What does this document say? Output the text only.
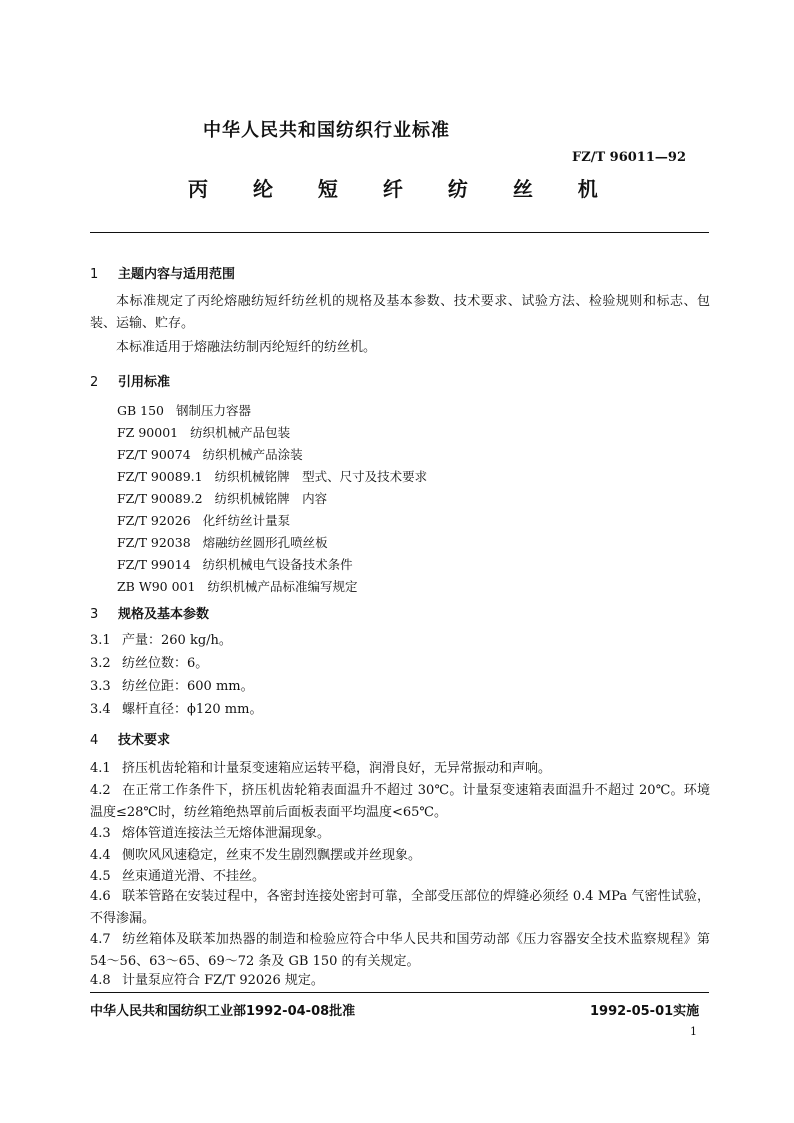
中华人民共和国纺织行业标准
FZ/T 96011—92
丙 纶 短 纤 纺 丝 机
1 主题内容与适用范围
本标准规定了丙纶熔融纺短纤纺丝机的规格及基本参数、技术要求、试验方法、检验规则和标志、包装、运输、贮存。
本标准适用于熔融法纺制丙纶短纤的纺丝机。
2 引用标准
GB 150 钢制压力容器
FZ 90001 纺织机械产品包装
FZ/T 90074 纺织机械产品涂装
FZ/T 90089.1 纺织机械铭牌　型式、尺寸及技术要求
FZ/T 90089.2 纺织机械铭牌　内容
FZ/T 92026 化纤纺丝计量泵
FZ/T 92038 熔融纺丝圆形孔喷丝板
FZ/T 99014 纺织机械电气设备技术条件
ZB W90 001 纺织机械产品标准编写规定
3 规格及基本参数
3.1 产量：260 kg/h。
3.2 纺丝位数：6。
3.3 纺丝位距：600 mm。
3.4 螺杆直径：ϕ120 mm。
4 技术要求
4.1 挤压机齿轮箱和计量泵变速箱应运转平稳，润滑良好，无异常振动和声响。
4.2 在正常工作条件下，挤压机齿轮箱表面温升不超过 30℃。计量泵变速箱表面温升不超过 20℃。环境温度≤28℃时，纺丝箱绝热罩前后面板表面平均温度<65℃。
4.3 熔体管道连接法兰无熔体泄漏现象。
4.4 侧吹风风速稳定，丝束不发生剧烈飘摆或并丝现象。
4.5 丝束通道光滑、不挂丝。
4.6 联苯管路在安装过程中，各密封连接处密封可靠，全部受压部位的焊缝必须经 0.4 MPa 气密性试验，不得渗漏。
4.7 纺丝箱体及联苯加热器的制造和检验应符合中华人民共和国劳动部《压力容器安全技术监察规程》第 54～56、63～65、69～72 条及 GB 150 的有关规定。
4.8 计量泵应符合 FZ/T 92026 规定。
中华人民共和国纺织工业部1992-04-08批准	1992-05-01实施
1
